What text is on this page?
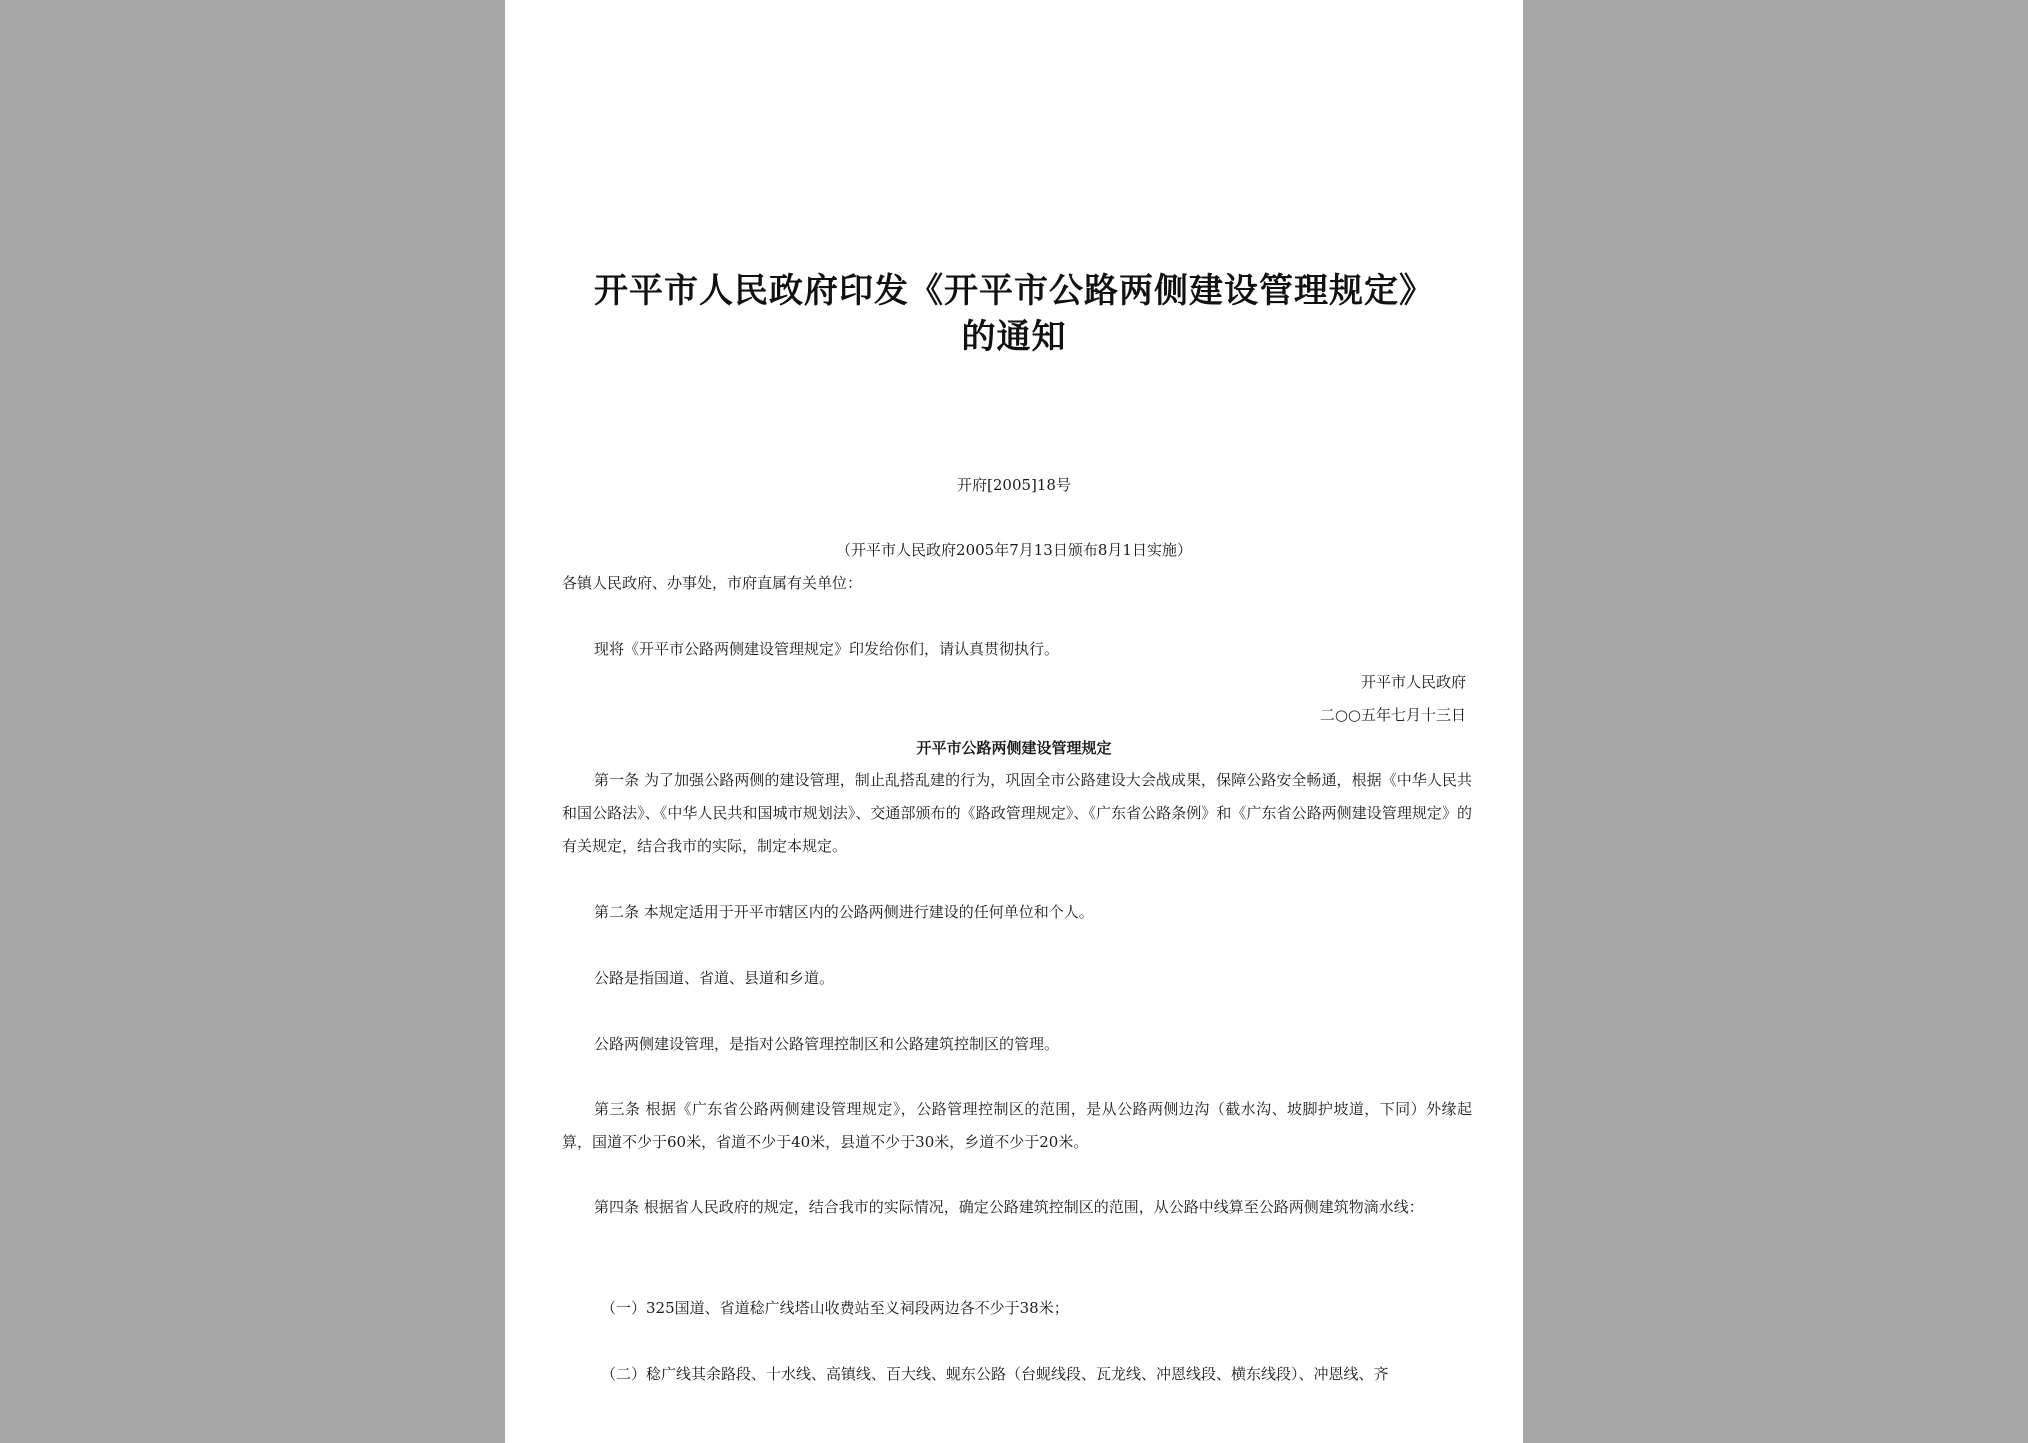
开平市人民政府印发《开平市公路两侧建设管理规定》
的通知
开府[2005]18号
（开平市人民政府2005年7月13日颁布8月1日实施）
各镇人民政府、办事处，市府直属有关单位：
现将《开平市公路两侧建设管理规定》印发给你们，请认真贯彻执行。
开平市人民政府
二○○五年七月十三日
开平市公路两侧建设管理规定
第一条 为了加强公路两侧的建设管理，制止乱搭乱建的行为，巩固全市公路建设大会战成果，保障公路安全畅通，根据《中华人民共和国公路法》、《中华人民共和国城市规划法》、交通部颁布的《路政管理规定》、《广东省公路条例》和《广东省公路两侧建设管理规定》的有关规定，结合我市的实际，制定本规定。
第二条 本规定适用于开平市辖区内的公路两侧进行建设的任何单位和个人。
公路是指国道、省道、县道和乡道。
公路两侧建设管理，是指对公路管理控制区和公路建筑控制区的管理。
第三条 根据《广东省公路两侧建设管理规定》，公路管理控制区的范围，是从公路两侧边沟（截水沟、坡脚护坡道，下同）外缘起算，国道不少于60米，省道不少于40米，县道不少于30米，乡道不少于20米。
第四条 根据省人民政府的规定，结合我市的实际情况，确定公路建筑控制区的范围，从公路中线算至公路两侧建筑物滴水线：
（一）325国道、省道稔广线塔山收费站至义祠段两边各不少于38米；
（二）稔广线其余路段、十水线、高镇线、百大线、蚬东公路（台蚬线段、瓦龙线、冲恩线段、横东线段）、冲恩线、齐
